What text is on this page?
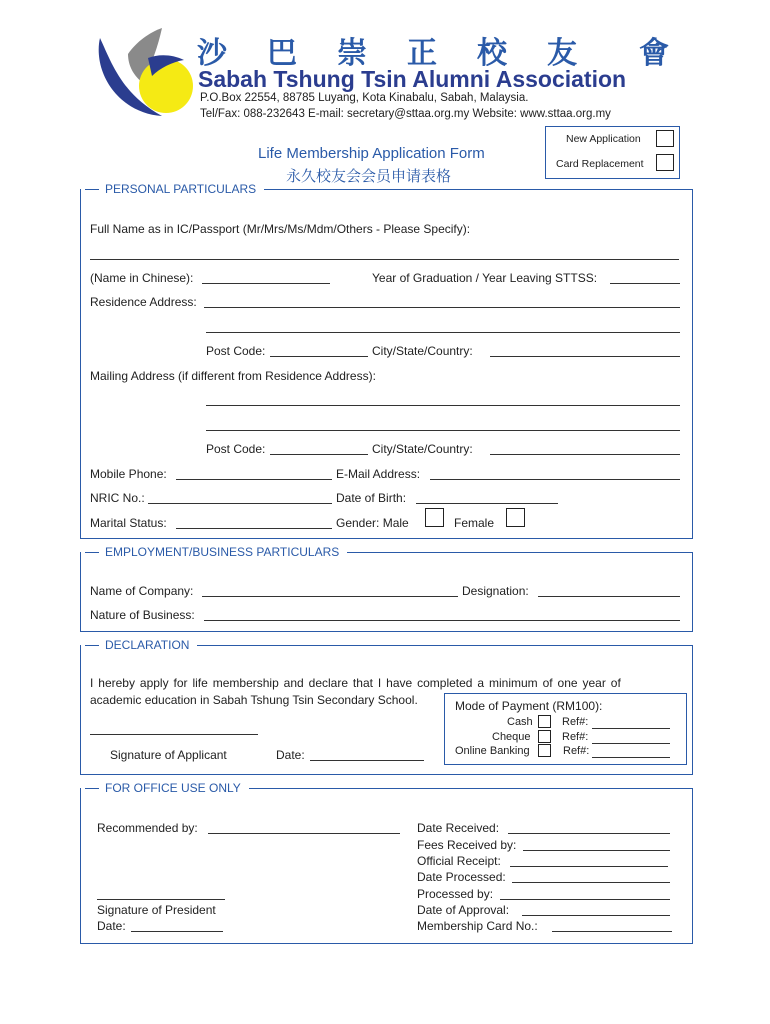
沙 巴 崇 正 校 友 會
Sabah Tshung Tsin Alumni Association
P.O.Box 22554, 88785 Luyang, Kota Kinabalu, Sabah, Malaysia.
Tel/Fax: 088-232643 E-mail: secretary@sttaa.org.my Website: www.sttaa.org.my
Life Membership Application Form
永久校友会会员申请表格
New Application
Card Replacement
PERSONAL PARTICULARS
Full Name as in IC/Passport (Mr/Mrs/Ms/Mdm/Others - Please Specify):
(Name in Chinese):	Year of Graduation / Year Leaving STTSS:
Residence Address:
Post Code:	City/State/Country:
Mailing Address (if different from Residence Address):
Post Code:	City/State/Country:
Mobile Phone:	E-Mail Address:
NRIC No.:	Date of Birth:
Marital Status:	Gender: Male	Female
EMPLOYMENT/BUSINESS PARTICULARS
Name of Company:	Designation:
Nature of Business:
DECLARATION
I hereby apply for life membership and declare that I have completed a minimum of one year of
academic education in Sabah Tshung Tsin Secondary School.
Signature of Applicant	Date:
Mode of Payment (RM100):
Cash	Ref#:
Cheque	Ref#:
Online Banking	Ref#:
FOR OFFICE USE ONLY
Recommended by:
Signature of President
Date:
Date Received:
Fees Received by:
Official Receipt:
Date Processed:
Processed by:
Date of Approval:
Membership Card No.:
